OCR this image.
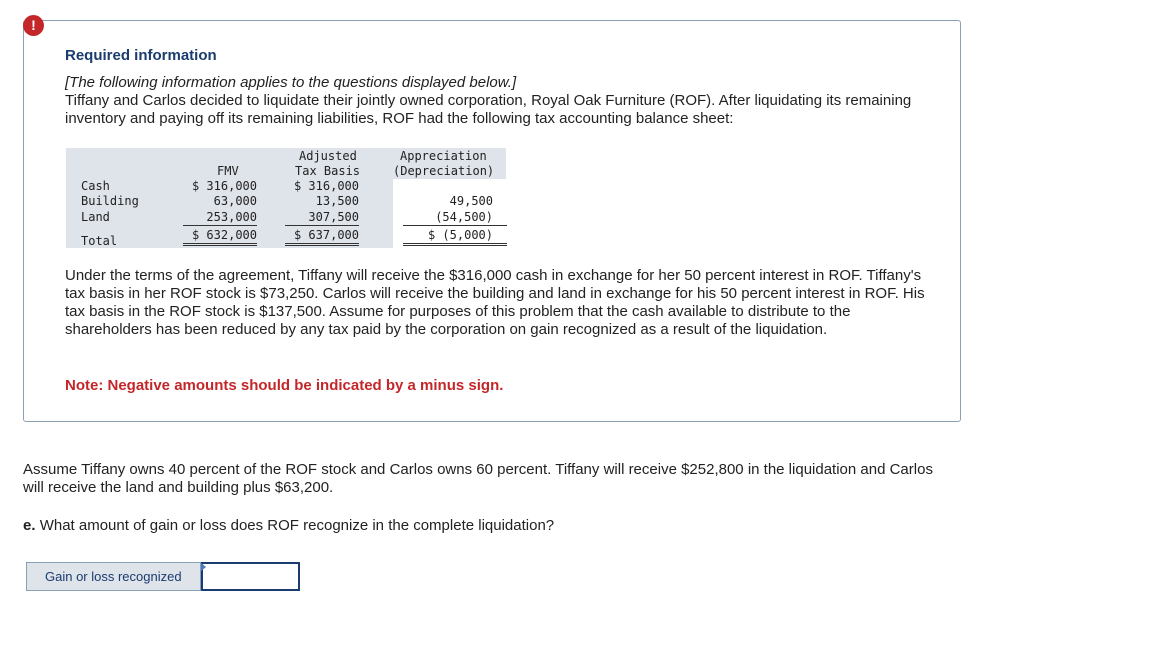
!
Required information
[The following information applies to the questions displayed below.]
Tiffany and Carlos decided to liquidate their jointly owned corporation, Royal Oak Furniture (ROF). After liquidating its remaining inventory and paying off its remaining liabilities, ROF had the following tax accounting balance sheet:
FMV
Adjusted
Tax Basis
Appreciation
(Depreciation)
Cash
Building
Land
Total
$ 316,000
63,000
253,000
$ 632,000
$ 316,000
13,500
307,500
$ 637,000
49,500
(54,500)
$ (5,000)
Under the terms of the agreement, Tiffany will receive the $316,000 cash in exchange for her 50 percent interest in ROF. Tiffany's tax basis in her ROF stock is $73,250. Carlos will receive the building and land in exchange for his 50 percent interest in ROF. His tax basis in the ROF stock is $137,500. Assume for purposes of this problem that the cash available to distribute to the shareholders has been reduced by any tax paid by the corporation on gain recognized as a result of the liquidation.
Note: Negative amounts should be indicated by a minus sign.
Assume Tiffany owns 40 percent of the ROF stock and Carlos owns 60 percent. Tiffany will receive $252,800 in the liquidation and Carlos will receive the land and building plus $63,200.
e. What amount of gain or loss does ROF recognize in the complete liquidation?
Gain or loss recognized
